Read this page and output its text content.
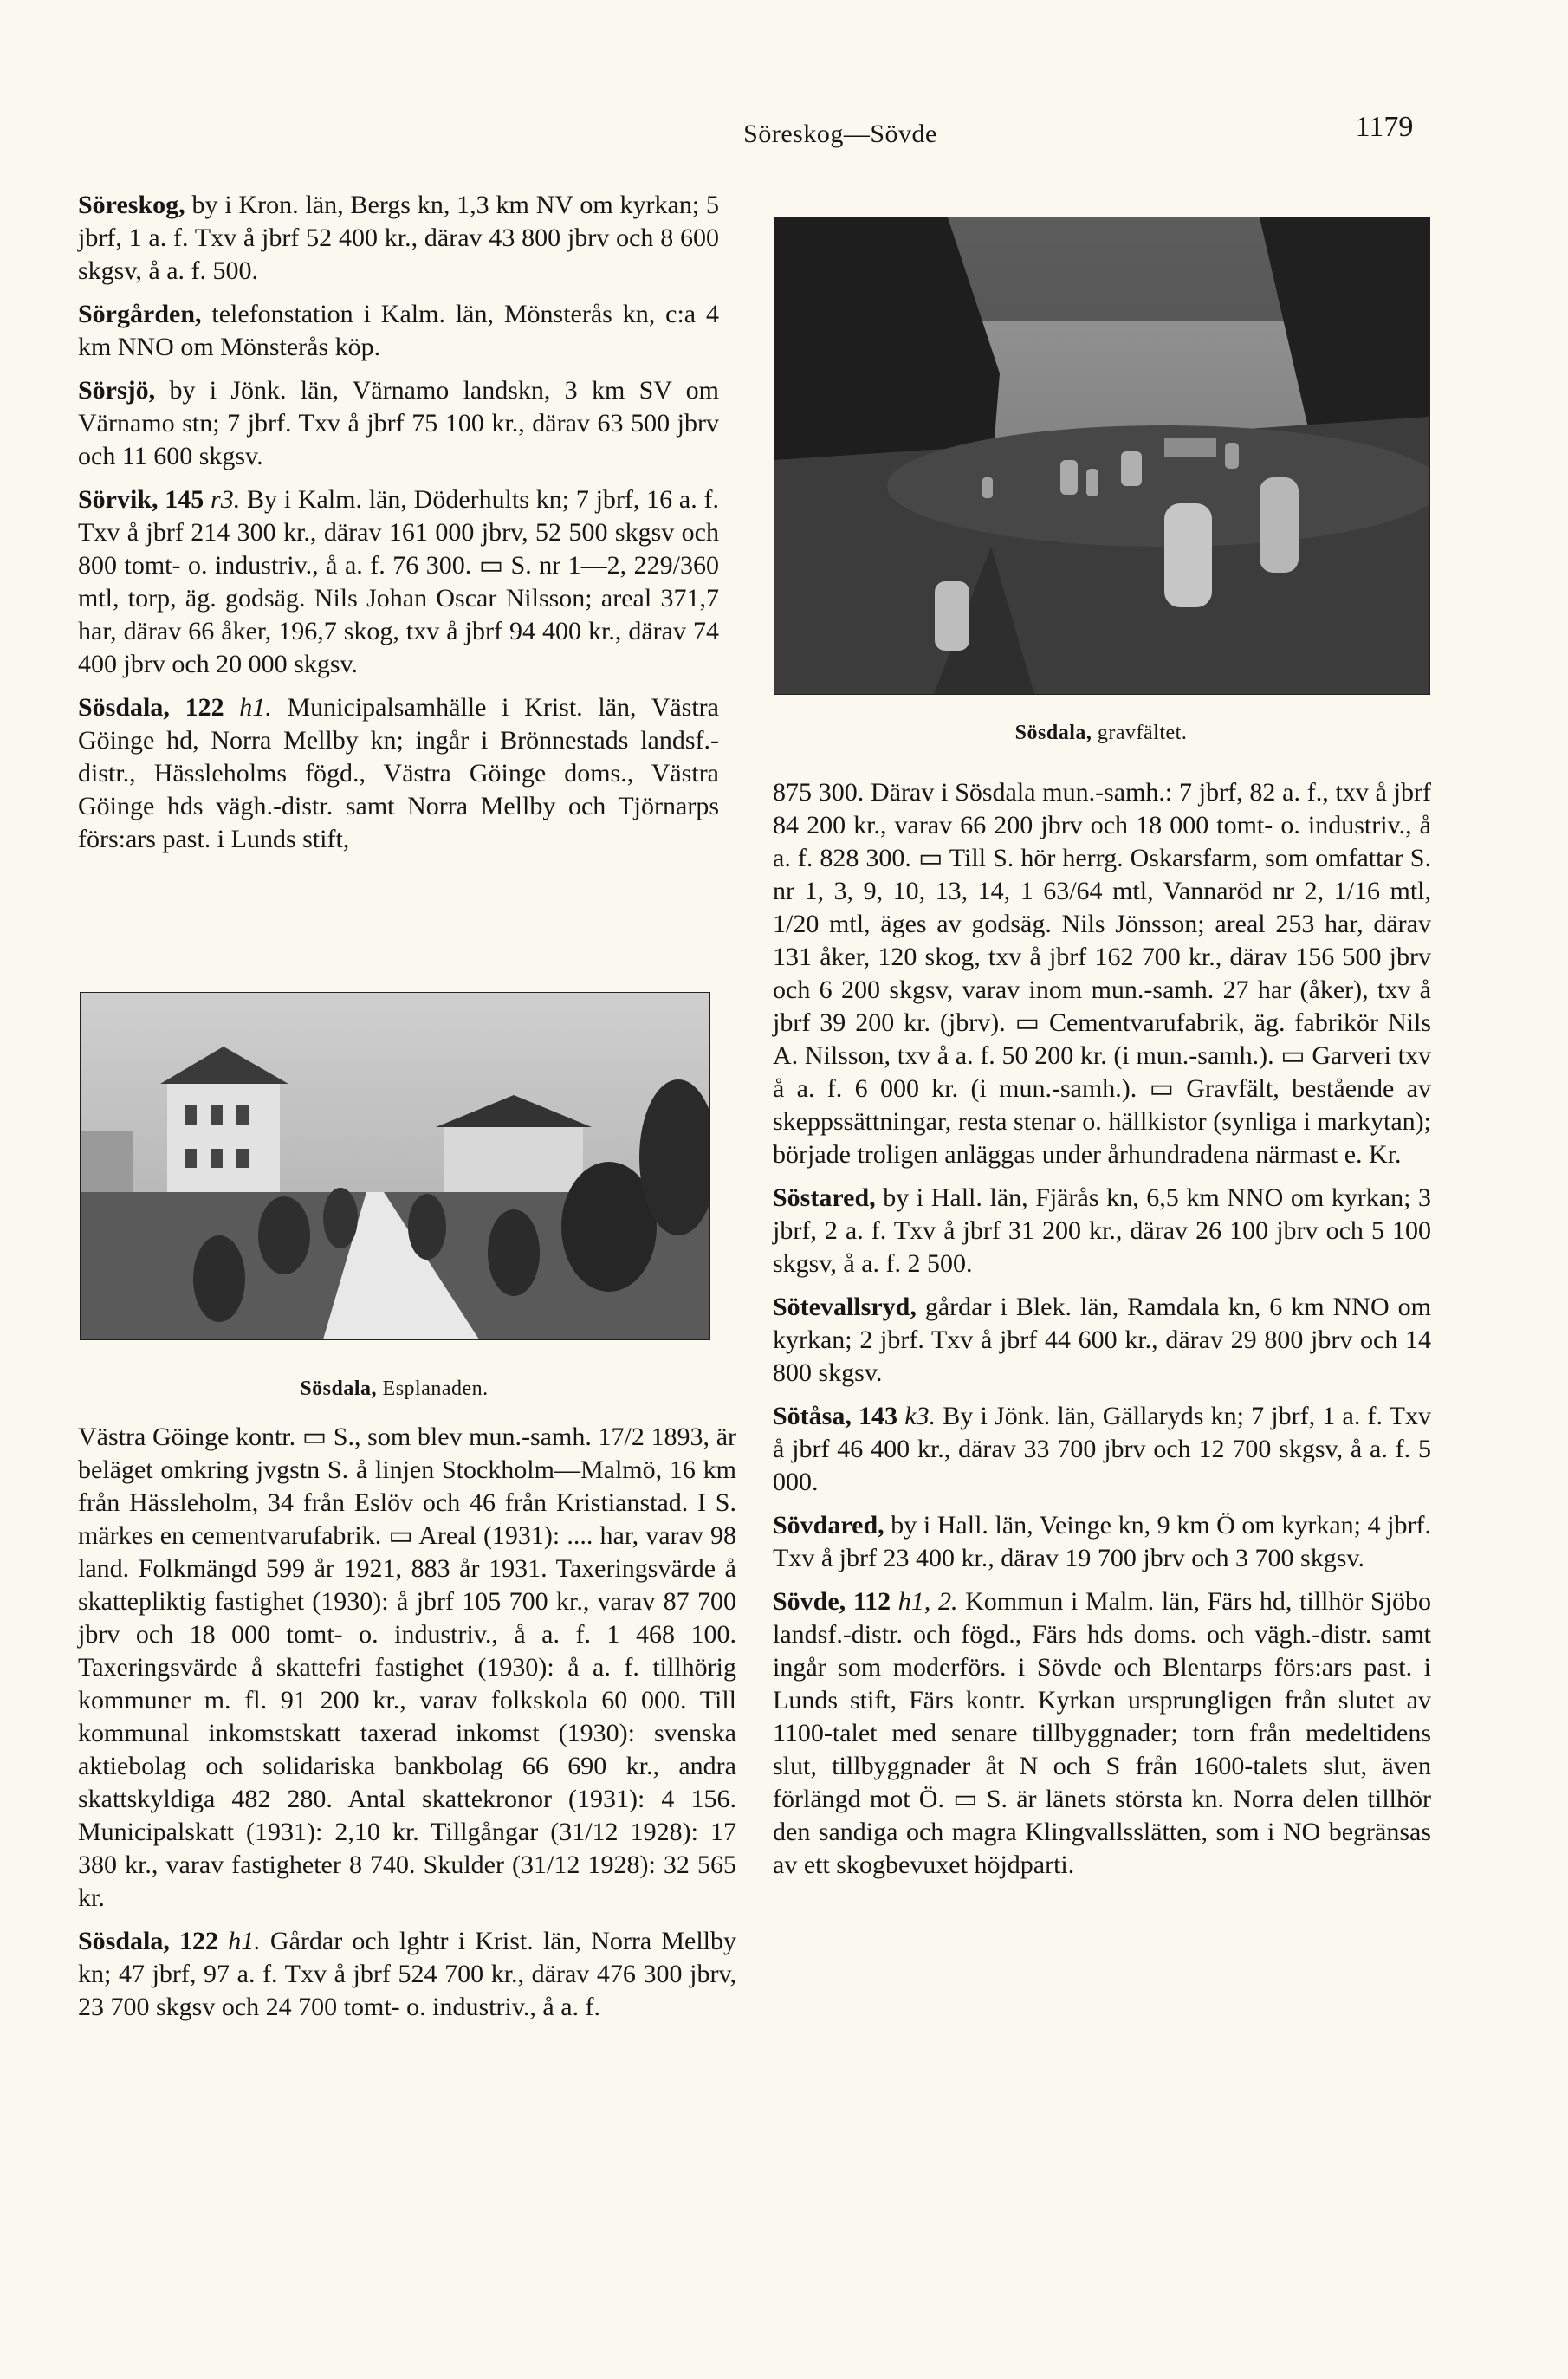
Söreskog—Sövde	1179

Söreskog, by i Kron. län, Bergs kn, 1,3 km NV om kyrkan; 5 jbrf, 1 a. f. Txv å jbrf 52 400 kr., därav 43 800 jbrv och 8 600 skgsv, å a. f. 500.

Sörgården, telefonstation i Kalm. län, Mönsterås kn, c:a 4 km NNO om Mönsterås köp.

Sörsjö, by i Jönk. län, Värnamo landskn, 3 km SV om Värnamo stn; 7 jbrf. Txv å jbrf 75 100 kr., därav 63 500 jbrv och 11 600 skgsv.

Sörvik, 145 r3. By i Kalm. län, Döderhults kn; 7 jbrf, 16 a. f. Txv å jbrf 214 300 kr., därav 161 000 jbrv, 52 500 skgsv och 800 tomt- o. industriv., å a. f. 76 300. ▭ S. nr 1—2, 229/360 mtl, torp, äg. godsäg. Nils Johan Oscar Nilsson; areal 371,7 har, därav 66 åker, 196,7 skog, txv å jbrf 94 400 kr., därav 74 400 jbrv och 20 000 skgsv.

Sösdala, 122 h1. Municipalsamhälle i Krist. län, Västra Göinge hd, Norra Mellby kn; ingår i Brönnestads landsf.-distr., Hässleholms fögd., Västra Göinge doms., Västra Göinge hds vägh.-distr. samt Norra Mellby och Tjörnarps förs:ars past. i Lunds stift,

Sösdala, Esplanaden.

Västra Göinge kontr. ▭ S., som blev mun.-samh. 17/2 1893, är beläget omkring jvgstn S. å linjen Stockholm—Malmö, 16 km från Hässleholm, 34 från Eslöv och 46 från Kristianstad. I S. märkes en cementvarufabrik. ▭ Areal (1931): .... har, varav 98 land. Folkmängd 599 år 1921, 883 år 1931. Taxeringsvärde å skattepliktig fastighet (1930): å jbrf 105 700 kr., varav 87 700 jbrv och 18 000 tomt- o. industriv., å a. f. 1 468 100. Taxeringsvärde å skattefri fastighet (1930): å a. f. tillhörig kommuner m. fl. 91 200 kr., varav folkskola 60 000. Till kommunal inkomstskatt taxerad inkomst (1930): svenska aktiebolag och solidariska bankbolag 66 690 kr., andra skattskyldiga 482 280. Antal skattekronor (1931): 4 156. Municipalskatt (1931): 2,10 kr. Tillgångar (31/12 1928): 17 380 kr., varav fastigheter 8 740. Skulder (31/12 1928): 32 565 kr.

Sösdala, 122 h1. Gårdar och lghtr i Krist. län, Norra Mellby kn; 47 jbrf, 97 a. f. Txv å jbrf 524 700 kr., därav 476 300 jbrv, 23 700 skgsv och 24 700 tomt- o. industriv., å a. f.

Sösdala, gravfältet.

875 300. Därav i Sösdala mun.-samh.: 7 jbrf, 82 a. f., txv å jbrf 84 200 kr., varav 66 200 jbrv och 18 000 tomt- o. industriv., å a. f. 828 300. ▭ Till S. hör herrg. Oskarsfarm, som omfattar S. nr 1, 3, 9, 10, 13, 14, 1 63/64 mtl, Vannaröd nr 2, 1/16 mtl, 1/20 mtl, äges av godsäg. Nils Jönsson; areal 253 har, därav 131 åker, 120 skog, txv å jbrf 162 700 kr., därav 156 500 jbrv och 6 200 skgsv, varav inom mun.-samh. 27 har (åker), txv å jbrf 39 200 kr. (jbrv). ▭ Cementvarufabrik, äg. fabrikör Nils A. Nilsson, txv å a. f. 50 200 kr. (i mun.-samh.). ▭ Garveri txv å a. f. 6 000 kr. (i mun.-samh.). ▭ Gravfält, bestående av skeppssättningar, resta stenar o. hällkistor (synliga i markytan); började troligen anläggas under århundradena närmast e. Kr.

Söstared, by i Hall. län, Fjärås kn, 6,5 km NNO om kyrkan; 3 jbrf, 2 a. f. Txv å jbrf 31 200 kr., därav 26 100 jbrv och 5 100 skgsv, å a. f. 2 500.

Sötevallsryd, gårdar i Blek. län, Ramdala kn, 6 km NNO om kyrkan; 2 jbrf. Txv å jbrf 44 600 kr., därav 29 800 jbrv och 14 800 skgsv.

Sötåsa, 143 k3. By i Jönk. län, Gällaryds kn; 7 jbrf, 1 a. f. Txv å jbrf 46 400 kr., därav 33 700 jbrv och 12 700 skgsv, å a. f. 5 000.

Sövdared, by i Hall. län, Veinge kn, 9 km Ö om kyrkan; 4 jbrf. Txv å jbrf 23 400 kr., därav 19 700 jbrv och 3 700 skgsv.

Sövde, 112 h1, 2. Kommun i Malm. län, Färs hd, tillhör Sjöbo landsf.-distr. och fögd., Färs hds doms. och vägh.-distr. samt ingår som moderförs. i Sövde och Blentarps förs:ars past. i Lunds stift, Färs kontr. Kyrkan ursprungligen från slutet av 1100-talet med senare tillbyggnader; torn från medeltidens slut, tillbyggnader åt N och S från 1600-talets slut, även förlängd mot Ö. ▭ S. är länets största kn. Norra delen tillhör den sandiga och magra Klingvallsslätten, som i NO begränsas av ett skogbevuxet höjdparti.
